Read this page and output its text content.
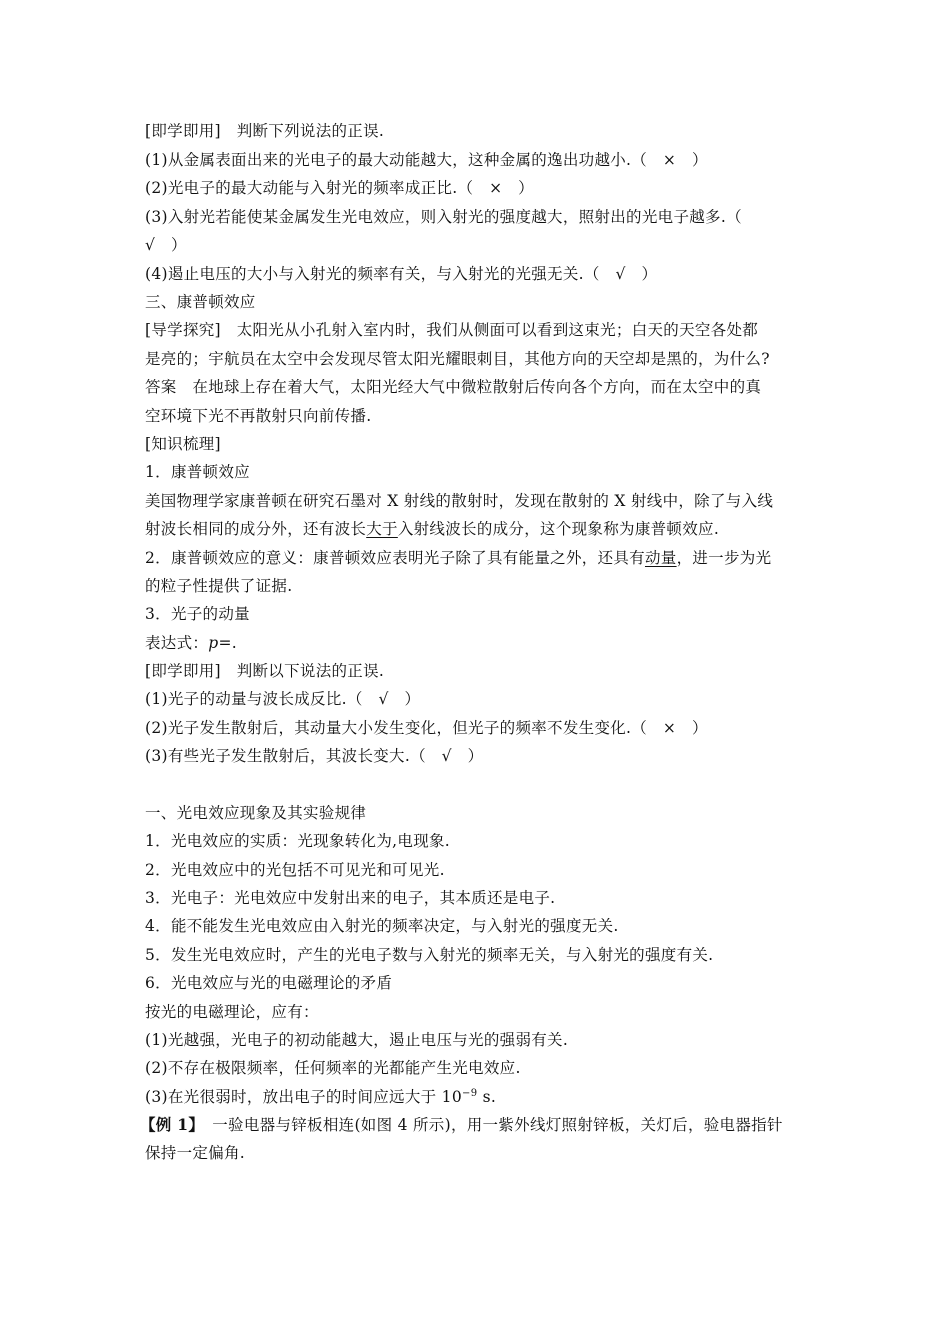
[即学即用]　判断下列说法的正误.
(1)从金属表面出来的光电子的最大动能越大，这种金属的逸出功越小.（　×　）
(2)光电子的最大动能与入射光的频率成正比.（　×　）
(3)入射光若能使某金属发生光电效应，则入射光的强度越大，照射出的光电子越多.（
√　）
(4)遏止电压的大小与入射光的频率有关，与入射光的光强无关.（　√　）
三、康普顿效应
[导学探究]　太阳光从小孔射入室内时，我们从侧面可以看到这束光；白天的天空各处都
是亮的；宇航员在太空中会发现尽管太阳光耀眼刺目，其他方向的天空却是黑的，为什么?
答案　在地球上存在着大气，太阳光经大气中微粒散射后传向各个方向，而在太空中的真
空环境下光不再散射只向前传播.
[知识梳理]
1．康普顿效应
美国物理学家康普顿在研究石墨对 X 射线的散射时，发现在散射的 X 射线中，除了与入线
射波长相同的成分外，还有波长大于入射线波长的成分，这个现象称为康普顿效应.
2．康普顿效应的意义：康普顿效应表明光子除了具有能量之外，还具有动量，进一步为光
的粒子性提供了证据.
3．光子的动量
表达式：p=.
[即学即用]　判断以下说法的正误.
(1)光子的动量与波长成反比.（　√　）
(2)光子发生散射后，其动量大小发生变化，但光子的频率不发生变化.（　×　）
(3)有些光子发生散射后，其波长变大.（　√　）
一、光电效应现象及其实验规律
1．光电效应的实质：光现象转化为,电现象.
2．光电效应中的光包括不可见光和可见光.
3．光电子：光电效应中发射出来的电子，其本质还是电子.
4．能不能发生光电效应由入射光的频率决定，与入射光的强度无关.
5．发生光电效应时，产生的光电子数与入射光的频率无关，与入射光的强度有关.
6．光电效应与光的电磁理论的矛盾
按光的电磁理论，应有：
(1)光越强，光电子的初动能越大，遏止电压与光的强弱有关.
(2)不存在极限频率，任何频率的光都能产生光电效应.
(3)在光很弱时，放出电子的时间应远大于 $10^{-9}$ s.
【例 1】　一验电器与锌板相连(如图 4 所示)，用一紫外线灯照射锌板，关灯后，验电器指针
保持一定偏角.
